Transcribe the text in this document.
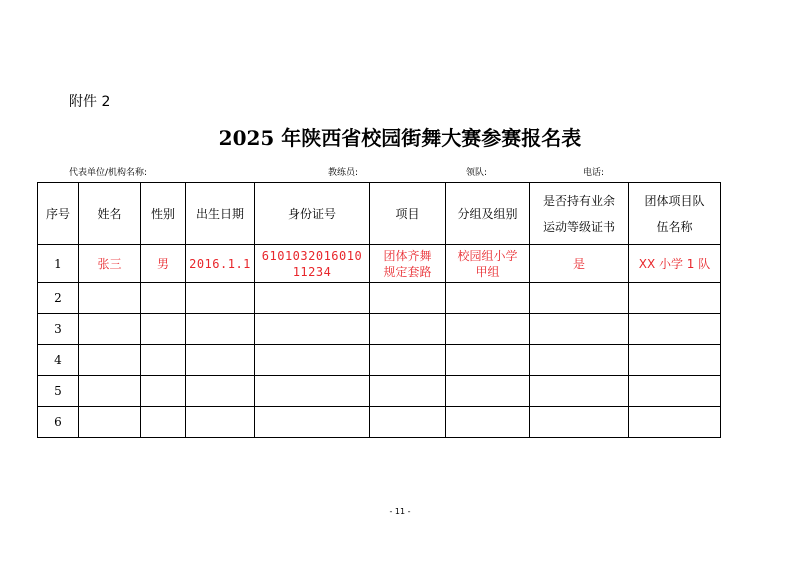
附件 2
2025 年陕西省校园街舞大赛参赛报名表
代表单位/机构名称:	教练员:	领队:	电话:
序号	姓名	性别	出生日期	身份证号	项目	分组及组别	是否持有业余运动等级证书	团体项目队伍名称
1	张三	男	2016.1.1	610103201601011234	团体齐舞规定套路	校园组小学甲组	是	XX 小学 1 队
2								
3								
4								
5								
6								
- 11 -
